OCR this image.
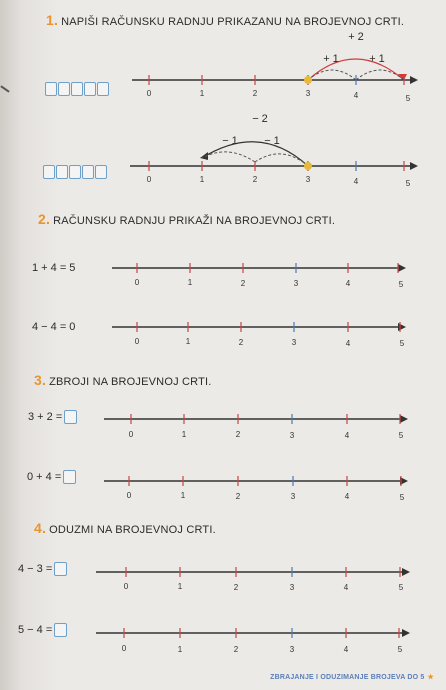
1. NAPIŠI RAČUNSKU RADNJU PRIKAZANU NA BROJEVNOJ CRTI.
+ 2
+ 1	+ 1
0	1	2	3	4	5
− 2
− 1 − 1
0	1	2	3	4	5
2. RAČUNSKU RADNJU PRIKAŽI NA BROJEVNOJ CRTI.
1 + 4 = 5
0	1	2	3	4	5
4 − 4 = 0
0	1	2	3	4	5
3. ZBROJI NA BROJEVNOJ CRTI.
3 + 2 =
0	1	2	3	4	5
0 + 4 =
0	1	2	3	4	5
4. ODUZMI NA BROJEVNOJ CRTI.
4 − 3 =
0	1	2	3	4	5
5 − 4 =
0	1	2	3	4	5
ZBRAJANJE I ODUZIMANJE BROJEVA DO 5 ★
